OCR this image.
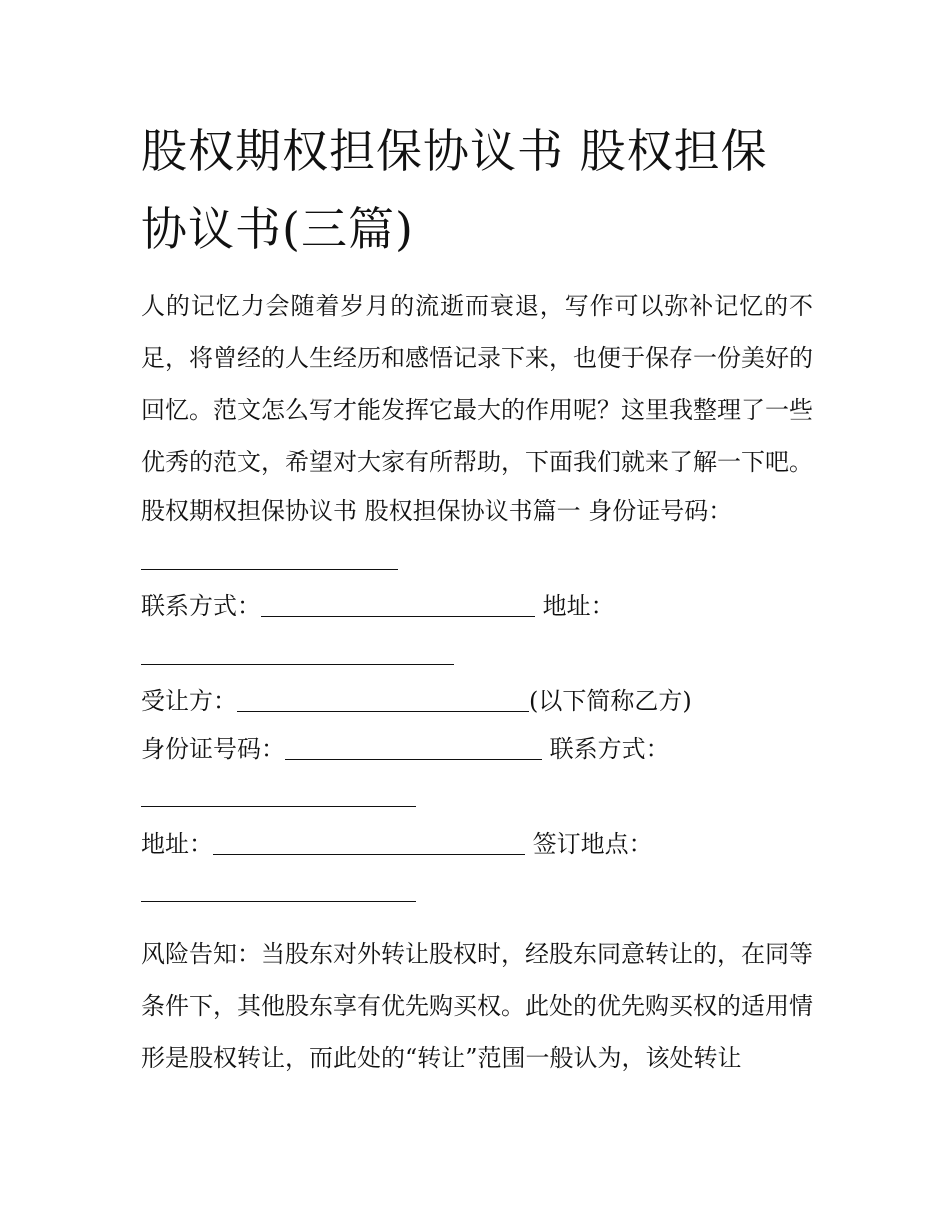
股权期权担保协议书 股权担保
协议书(三篇)

人的记忆力会随着岁月的流逝而衰退，写作可以弥补记忆的不足，将曾经的人生经历和感悟记录下来，也便于保存一份美好的回忆。范文怎么写才能发挥它最大的作用呢？这里我整理了一些优秀的范文，希望对大家有所帮助，下面我们就来了解一下吧。

股权期权担保协议书 股权担保协议书篇一 身份证号码：

联系方式：	地址：

受让方：	(以下简称乙方)

身份证号码：	联系方式：

地址：	签订地点：

风险告知：当股东对外转让股权时，经股东同意转让的，在同等条件下，其他股东享有优先购买权。此处的优先购买权的适用情形是股权转让，而此处的“转让”范围一般认为，该处转让
